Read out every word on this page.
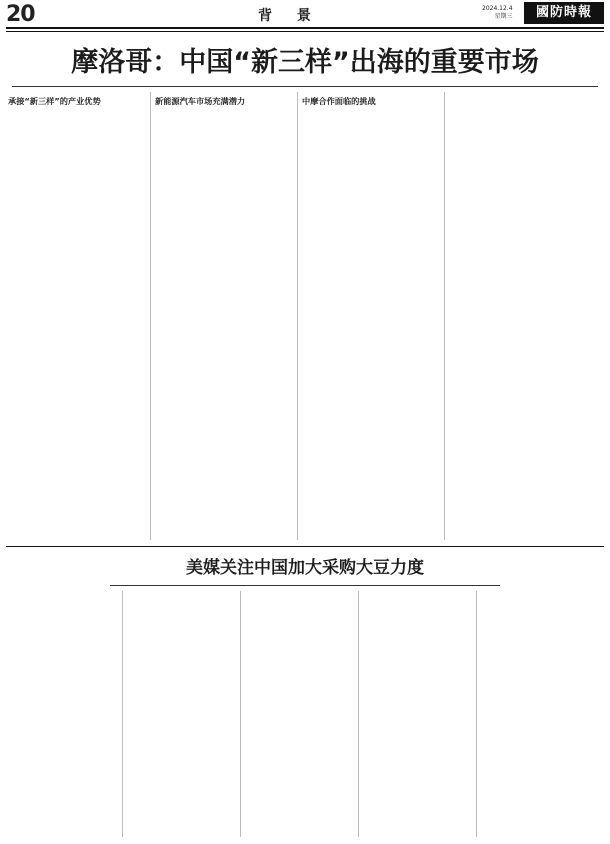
20	背 景	2024.12.4
星期三	國防時報
摩洛哥：中国“新三样”出海的重要市场

承接“新三样”的产业优势	新能源汽车市场充满潜力	中摩合作面临的挑战

美媒关注中国加大采购大豆力度
